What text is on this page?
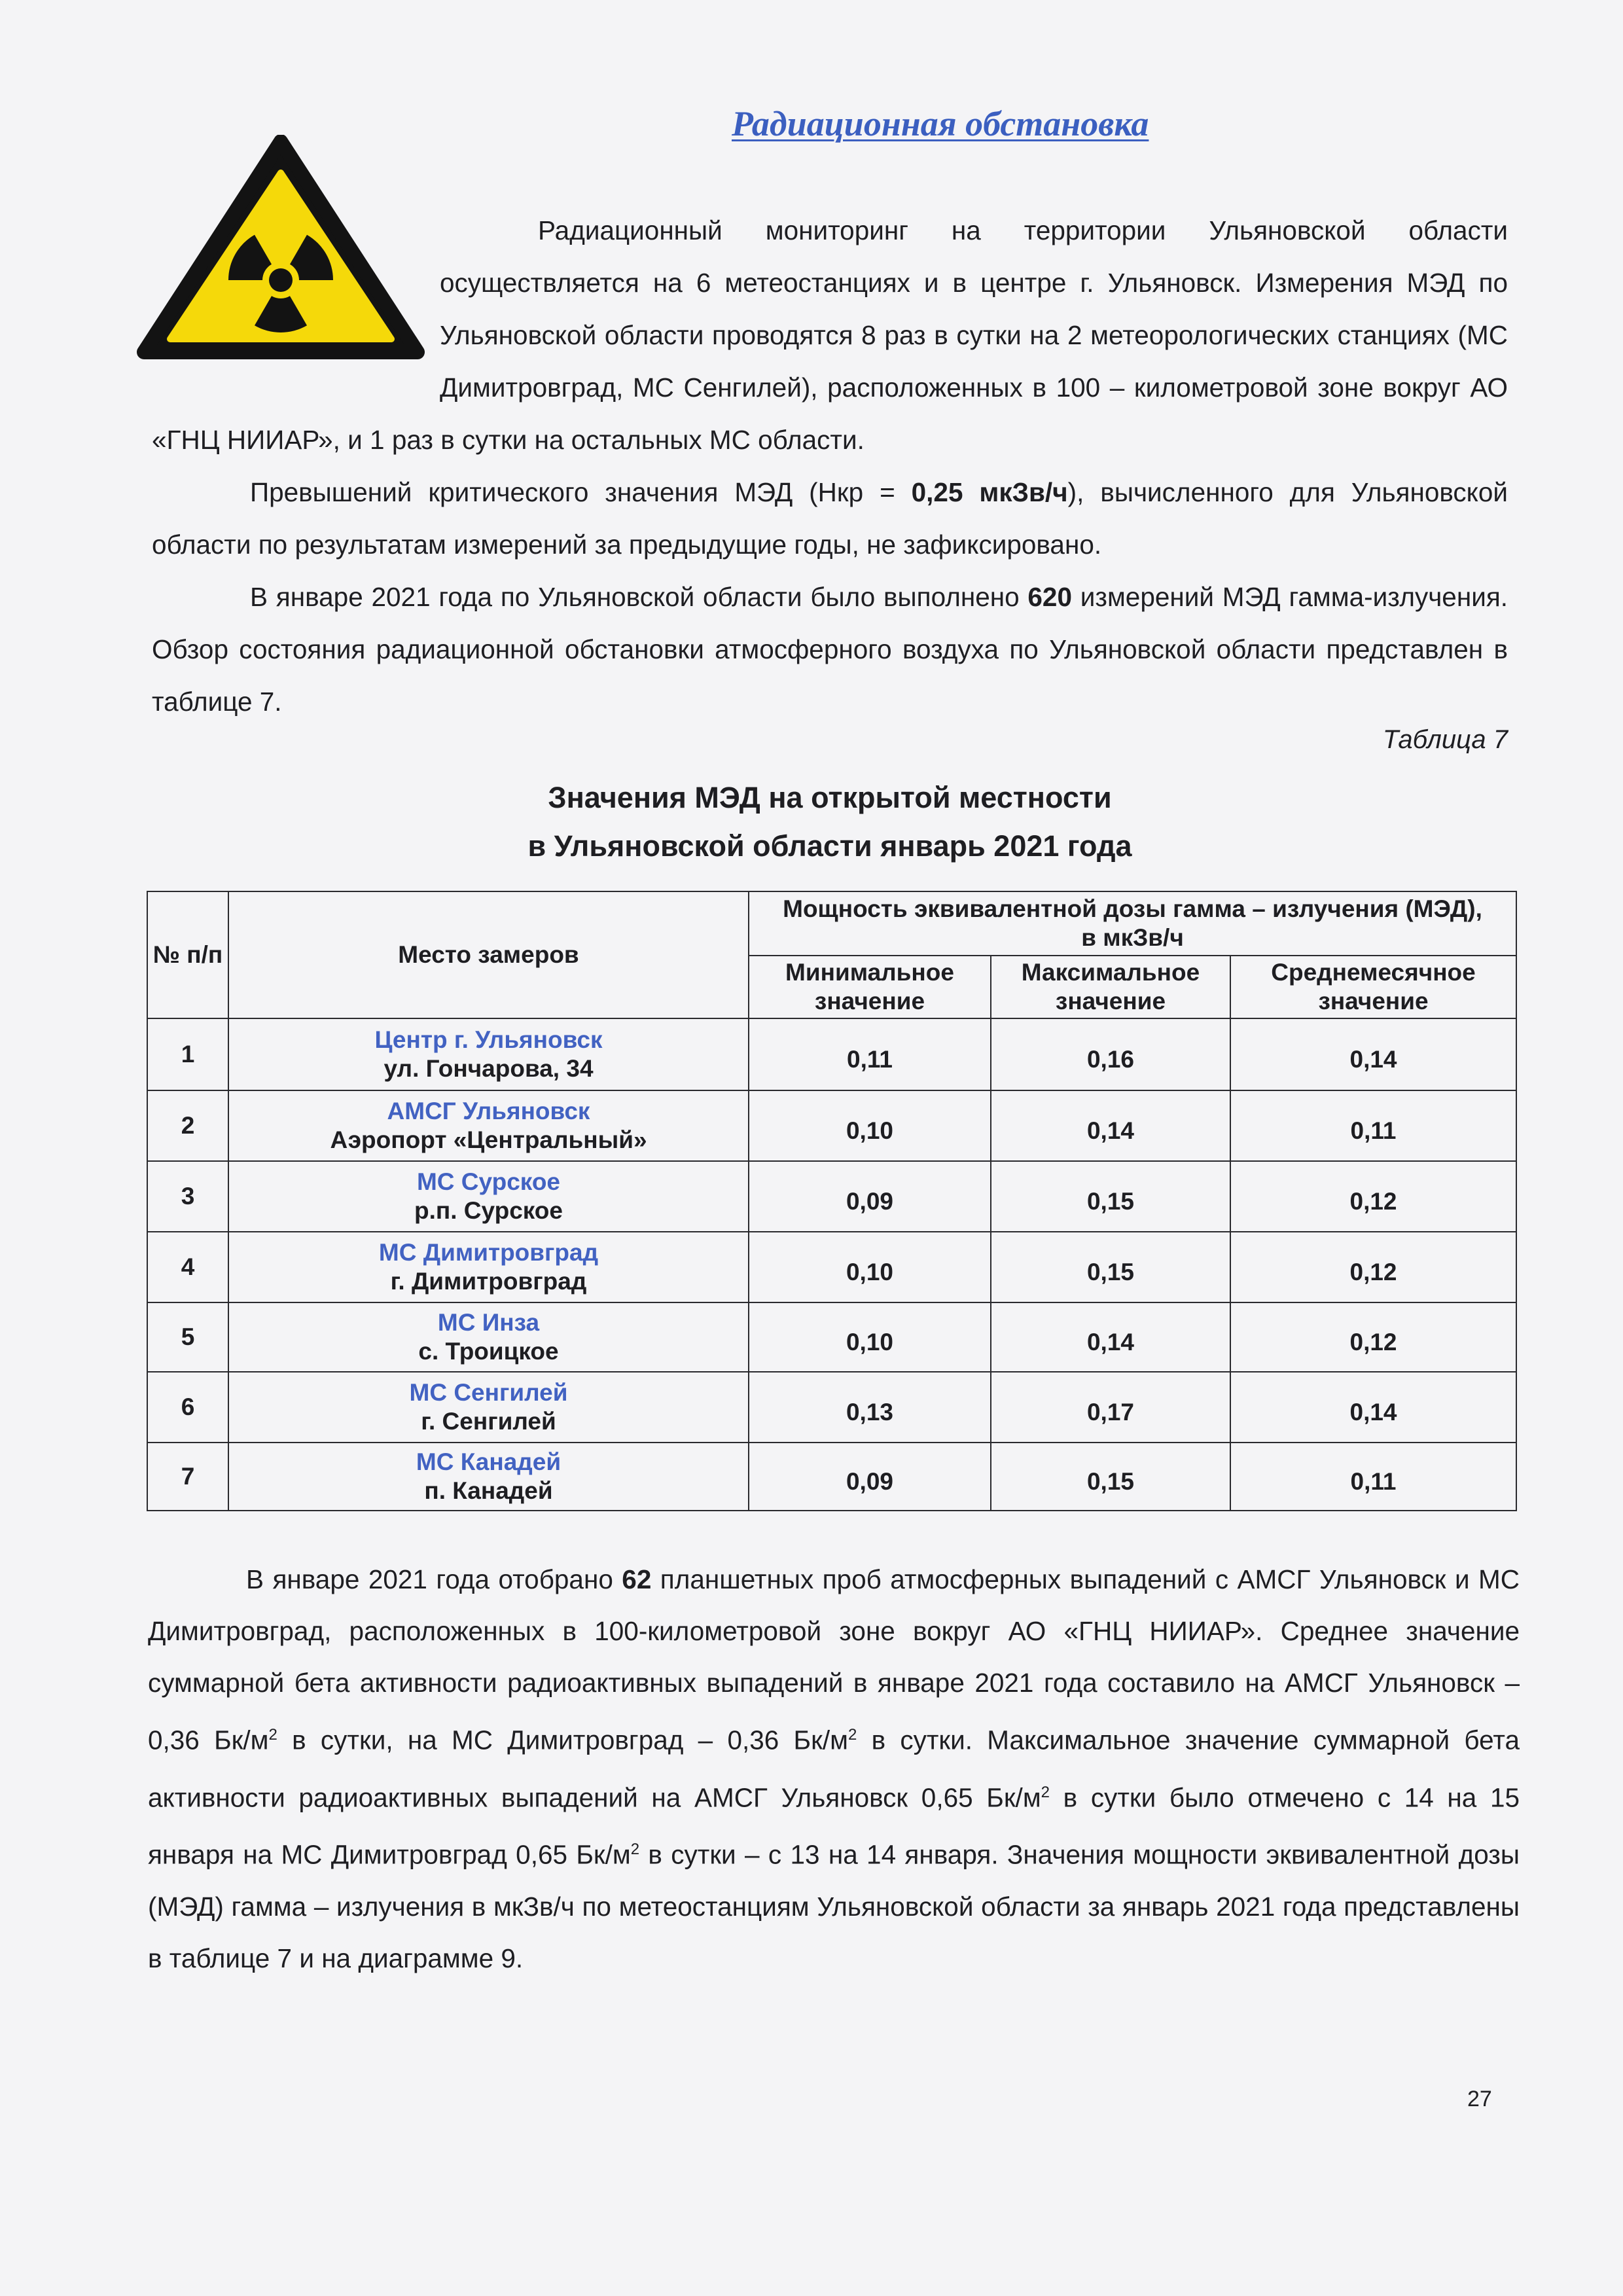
Радиационная обстановка

Радиационный мониторинг на территории Ульяновской области осуществляется на 6 метеостанциях и в центре г. Ульяновск. Измерения МЭД по Ульяновской области проводятся 8 раз в сутки на 2 метеорологических станциях (МС Димитровград, МС Сенгилей), расположенных в 100 – километровой зоне вокруг АО «ГНЦ НИИАР», и 1 раз в сутки на остальных МС области.

Превышений критического значения МЭД (Нкр = 0,25 мкЗв/ч), вычисленного для Ульяновской области по результатам измерений за предыдущие годы, не зафиксировано.

В январе 2021 года по Ульяновской области было выполнено 620 измерений МЭД гамма-излучения. Обзор состояния радиационной обстановки атмосферного воздуха по Ульяновской области представлен в таблице 7.

Таблица 7
Значения МЭД на открытой местности
в Ульяновской области январь 2021 года
№ п/п	Место замеров	Мощность эквивалентной дозы гамма – излучения (МЭД), в мкЗв/ч		
		Минимальное значение	Максимальное значение	Среднемесячное значение
1	Центр г. Ульяновск
ул. Гончарова, 34	0,11	0,16	0,14
2	АМСГ Ульяновск
Аэропорт «Центральный»	0,10	0,14	0,11
3	МС Сурское
р.п. Сурское	0,09	0,15	0,12
4	МС Димитровград
г. Димитровград	0,10	0,15	0,12
5	МС Инза
с. Троицкое	0,10	0,14	0,12
6	МС Сенгилей
г. Сенгилей	0,13	0,17	0,14
7	МС Канадей
п. Канадей	0,09	0,15	0,11

В январе 2021 года отобрано 62 планшетных проб атмосферных выпадений с АМСГ Ульяновск и МС Димитровград, расположенных в 100-километровой зоне вокруг АО «ГНЦ НИИАР». Среднее значение суммарной бета активности радиоактивных выпадений в январе 2021 года составило на АМСГ Ульяновск – 0,36 $Бк/м^2$ в сутки, на МС Димитровград – 0,36 $Бк/м^2$ в сутки. Максимальное значение суммарной бета активности радиоактивных выпадений на АМСГ Ульяновск 0,65 $Бк/м^2$ в сутки было отмечено с 14 на 15 января на МС Димитровград 0,65 $Бк/м^2$ в сутки – с 13 на 14 января. Значения мощности эквивалентной дозы (МЭД) гамма – излучения в мкЗв/ч по метеостанциям Ульяновской области за январь 2021 года представлены в таблице 7 и на диаграмме 9.

27
